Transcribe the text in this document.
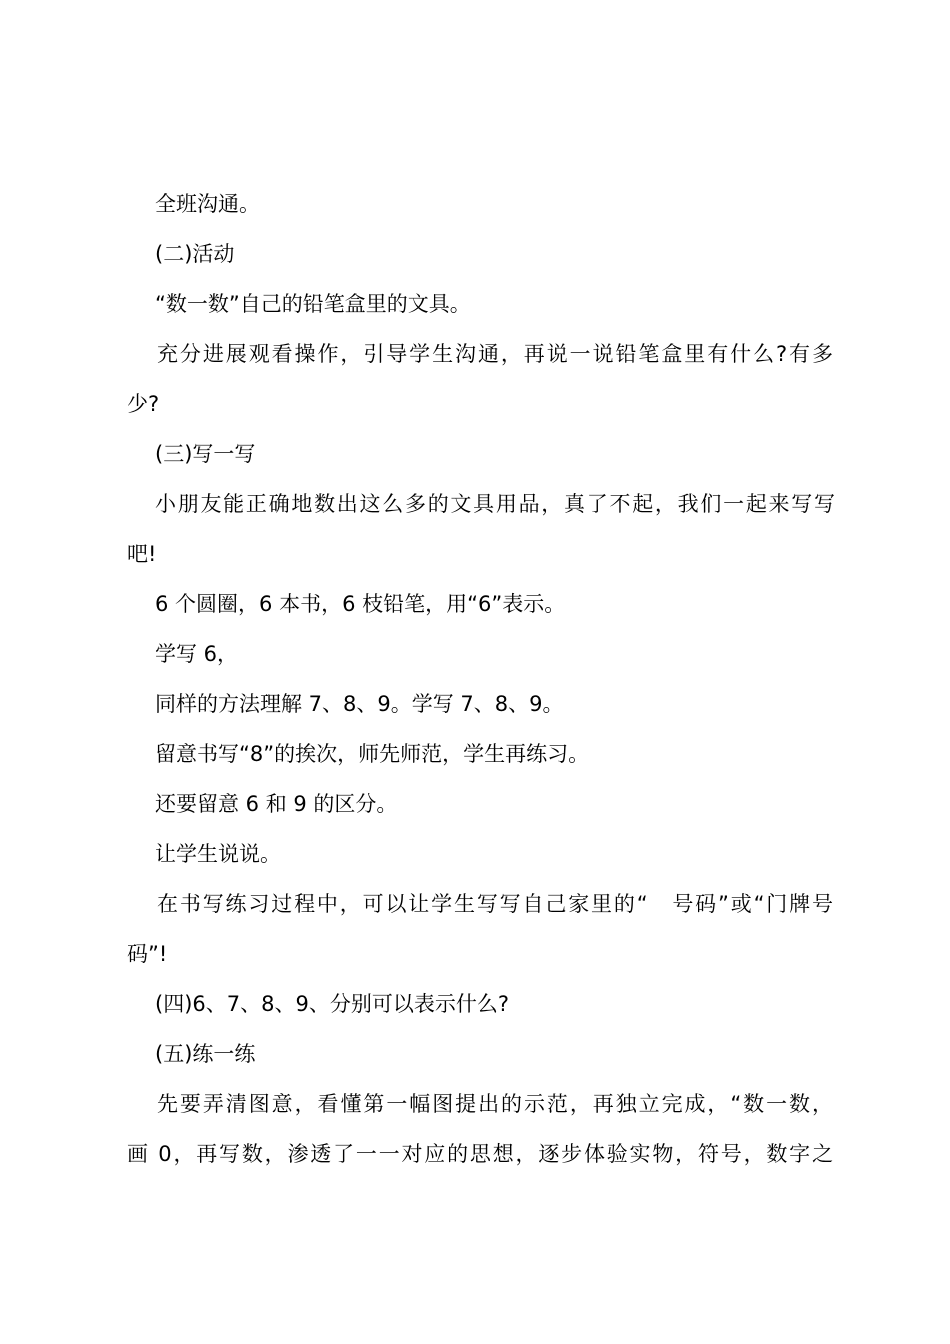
全班沟通。
(二)活动
“数一数”自己的铅笔盒里的文具。
充分进展观看操作，引导学生沟通，再说一说铅笔盒里有什么?有多
少?
(三)写一写
小朋友能正确地数出这么多的文具用品，真了不起，我们一起来写写
吧!
6 个圆圈，6 本书，6 枝铅笔，用“6”表示。
学写 6，
同样的方法理解 7、8、9。学写 7、8、9。
留意书写“8”的挨次，师先师范，学生再练习。
还要留意 6 和 9 的区分。
让学生说说。
在书写练习过程中，可以让学生写写自己家里的“　号码”或“门牌号
码”!
(四)6、7、8、9、分别可以表示什么?
(五)练一练
先要弄清图意，看懂第一幅图提出的示范，再独立完成，“数一数，
画 0，再写数，渗透了一一对应的思想，逐步体验实物，符号，数字之
